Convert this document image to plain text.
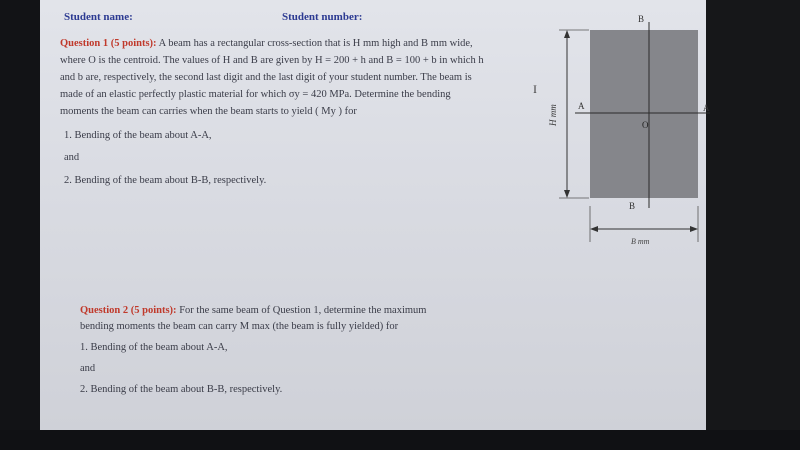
Student name:	Student number:
Question 1 (5 points): A beam has a rectangular cross-section that is H mm high and B mm wide,
where O is the centroid. The values of H and B are given by H = 200 + h and B = 100 + b in which h
and b are, respectively, the second last digit and the last digit of your student number. The beam is
made of an elastic perfectly plastic material for which σy = 420 MPa. Determine the bending
moments the beam can carries when the beam starts to yield ( My ) for
1. Bending of the beam about A-A,
and
2. Bending of the beam about B-B, respectively.
I
Question 2 (5 points): For the same beam of Question 1, determine the maximum
bending moments the beam can carry M max (the beam is fully yielded) for
1. Bending of the beam about A-A,
and
2. Bending of the beam about B-B, respectively.
B
B
A	A
O
H mm
B mm
